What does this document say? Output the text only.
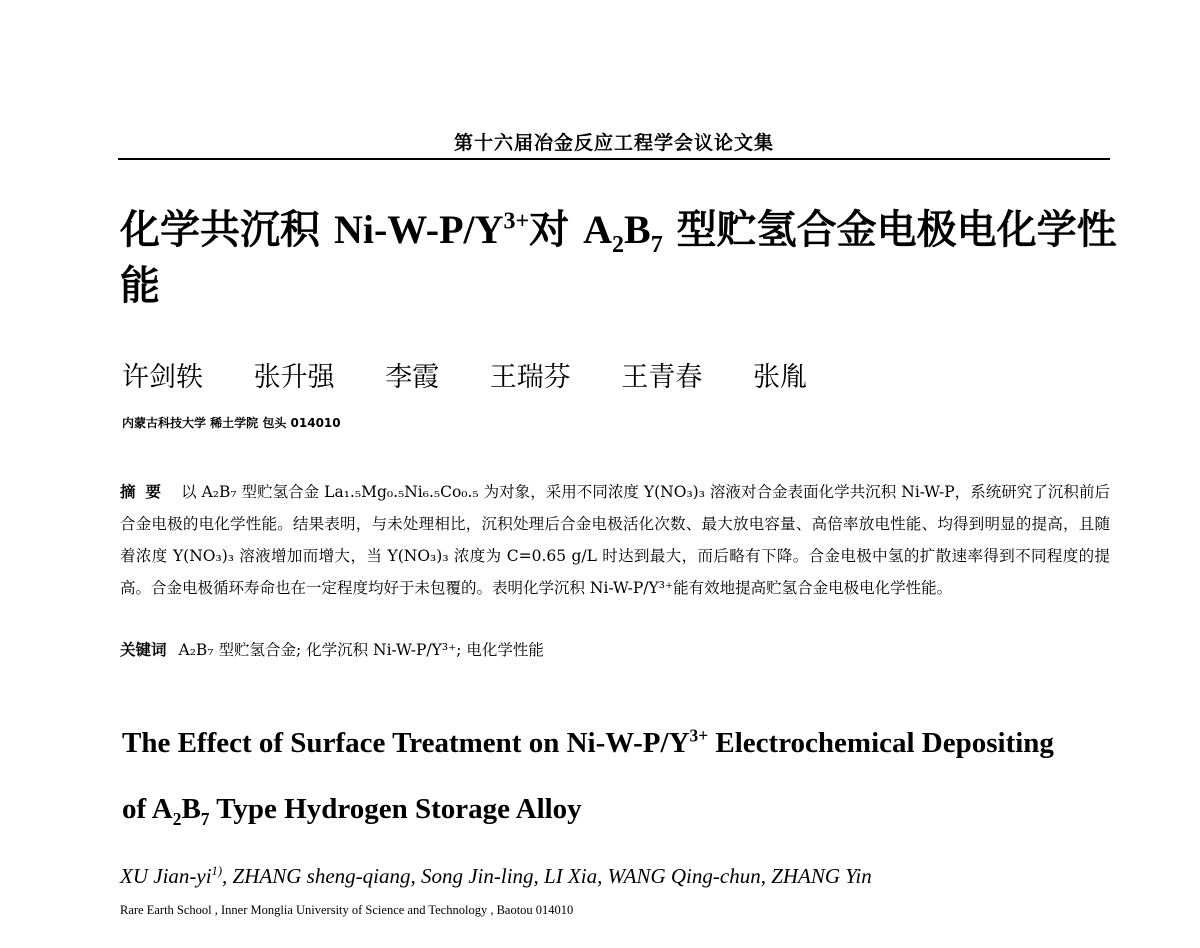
第十六届冶金反应工程学会议论文集
化学共沉积 $Ni-W-P/Y^{3+}$对 $A_2B_7$ 型贮氢合金电极电化学性能
许剑轶 张升强 李霞 王瑞芬 王青春 张胤
内蒙古科技大学 稀土学院 包头 014010
摘要 以 A₂B₇ 型贮氢合金 La₁.₅Mg₀.₅Ni₆.₅Co₀.₅ 为对象，采用不同浓度 Y(NO₃)₃ 溶液对合金表面化学共沉积 Ni-W-P，系统研究了沉积前后合金电极的电化学性能。结果表明，与未处理相比，沉积处理后合金电极活化次数、最大放电容量、高倍率放电性能、均得到明显的提高，且随着浓度 Y(NO₃)₃ 溶液增加而增大，当 Y(NO₃)₃ 浓度为 C=0.65 g/L 时达到最大，而后略有下降。合金电极中氢的扩散速率得到不同程度的提高。合金电极循环寿命也在一定程度均好于未包覆的。表明化学沉积 Ni-W-P/Y³⁺能有效地提高贮氢合金电极电化学性能。
关键词 A₂B₇ 型贮氢合金; 化学沉积 Ni-W-P/Y³⁺; 电化学性能
The Effect of Surface Treatment on $Ni-W-P/Y^{3+}$ Electrochemical Depositing
of $A_2B_7$ Type Hydrogen Storage Alloy
XU Jian-$yi^{1)}$, ZHANG sheng-qiang, Song Jin-ling, LI Xia, WANG Qing-chun, ZHANG Yin
Rare Earth School , Inner Monglia University of Science and Technology , Baotou 014010
